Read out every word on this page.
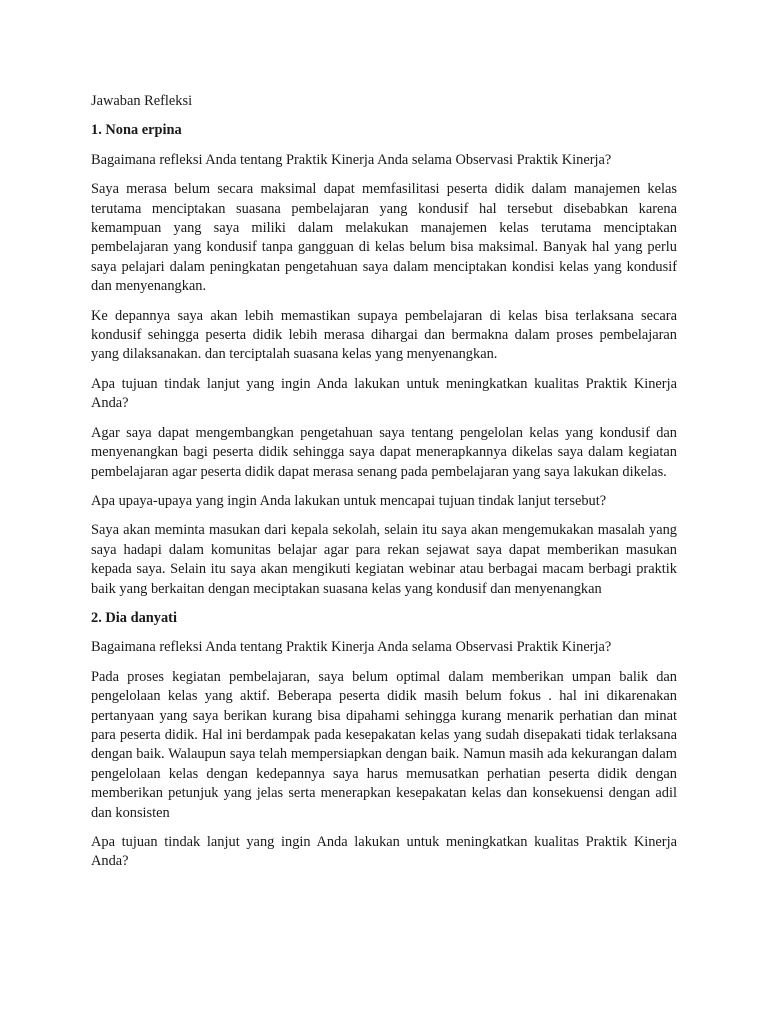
Jawaban Refleksi

1. Nona erpina

Bagaimana refleksi Anda tentang Praktik Kinerja Anda selama Observasi Praktik Kinerja?

Saya merasa belum secara maksimal dapat memfasilitasi peserta didik dalam manajemen kelas terutama menciptakan suasana pembelajaran yang kondusif hal tersebut disebabkan karena kemampuan yang saya miliki dalam melakukan manajemen kelas terutama menciptakan pembelajaran yang kondusif tanpa gangguan di kelas belum bisa maksimal. Banyak hal yang perlu saya pelajari dalam peningkatan pengetahuan saya dalam menciptakan kondisi kelas yang kondusif dan menyenangkan.

Ke depannya saya akan lebih memastikan supaya pembelajaran di kelas bisa terlaksana secara kondusif sehingga peserta didik lebih merasa dihargai dan bermakna dalam proses pembelajaran yang dilaksanakan. dan terciptalah suasana kelas yang menyenangkan.

Apa tujuan tindak lanjut yang ingin Anda lakukan untuk meningkatkan kualitas Praktik Kinerja Anda?

Agar saya dapat mengembangkan pengetahuan saya tentang pengelolan kelas yang kondusif dan menyenangkan bagi peserta didik sehingga saya dapat menerapkannya dikelas saya dalam kegiatan pembelajaran agar peserta didik dapat merasa senang pada pembelajaran yang saya lakukan dikelas.

Apa upaya-upaya yang ingin Anda lakukan untuk mencapai tujuan tindak lanjut tersebut?

Saya akan meminta masukan dari kepala sekolah, selain itu saya akan mengemukakan masalah yang saya hadapi dalam komunitas belajar agar para rekan sejawat saya dapat memberikan masukan kepada saya. Selain itu saya akan mengikuti kegiatan webinar atau berbagai macam berbagi praktik baik yang berkaitan dengan meciptakan suasana kelas yang kondusif dan menyenangkan

2. Dia danyati

Bagaimana refleksi Anda tentang Praktik Kinerja Anda selama Observasi Praktik Kinerja?

Pada proses kegiatan pembelajaran, saya belum optimal dalam memberikan umpan balik dan pengelolaan kelas yang aktif. Beberapa peserta didik masih belum fokus . hal ini dikarenakan pertanyaan yang saya berikan kurang bisa dipahami sehingga kurang menarik perhatian dan minat para peserta didik. Hal ini berdampak pada kesepakatan kelas yang sudah disepakati tidak terlaksana dengan baik. Walaupun saya telah mempersiapkan dengan baik. Namun masih ada kekurangan dalam pengelolaan kelas dengan kedepannya saya harus memusatkan perhatian peserta didik dengan memberikan petunjuk yang jelas serta menerapkan kesepakatan kelas dan konsekuensi dengan adil dan konsisten

Apa tujuan tindak lanjut yang ingin Anda lakukan untuk meningkatkan kualitas Praktik Kinerja Anda?
